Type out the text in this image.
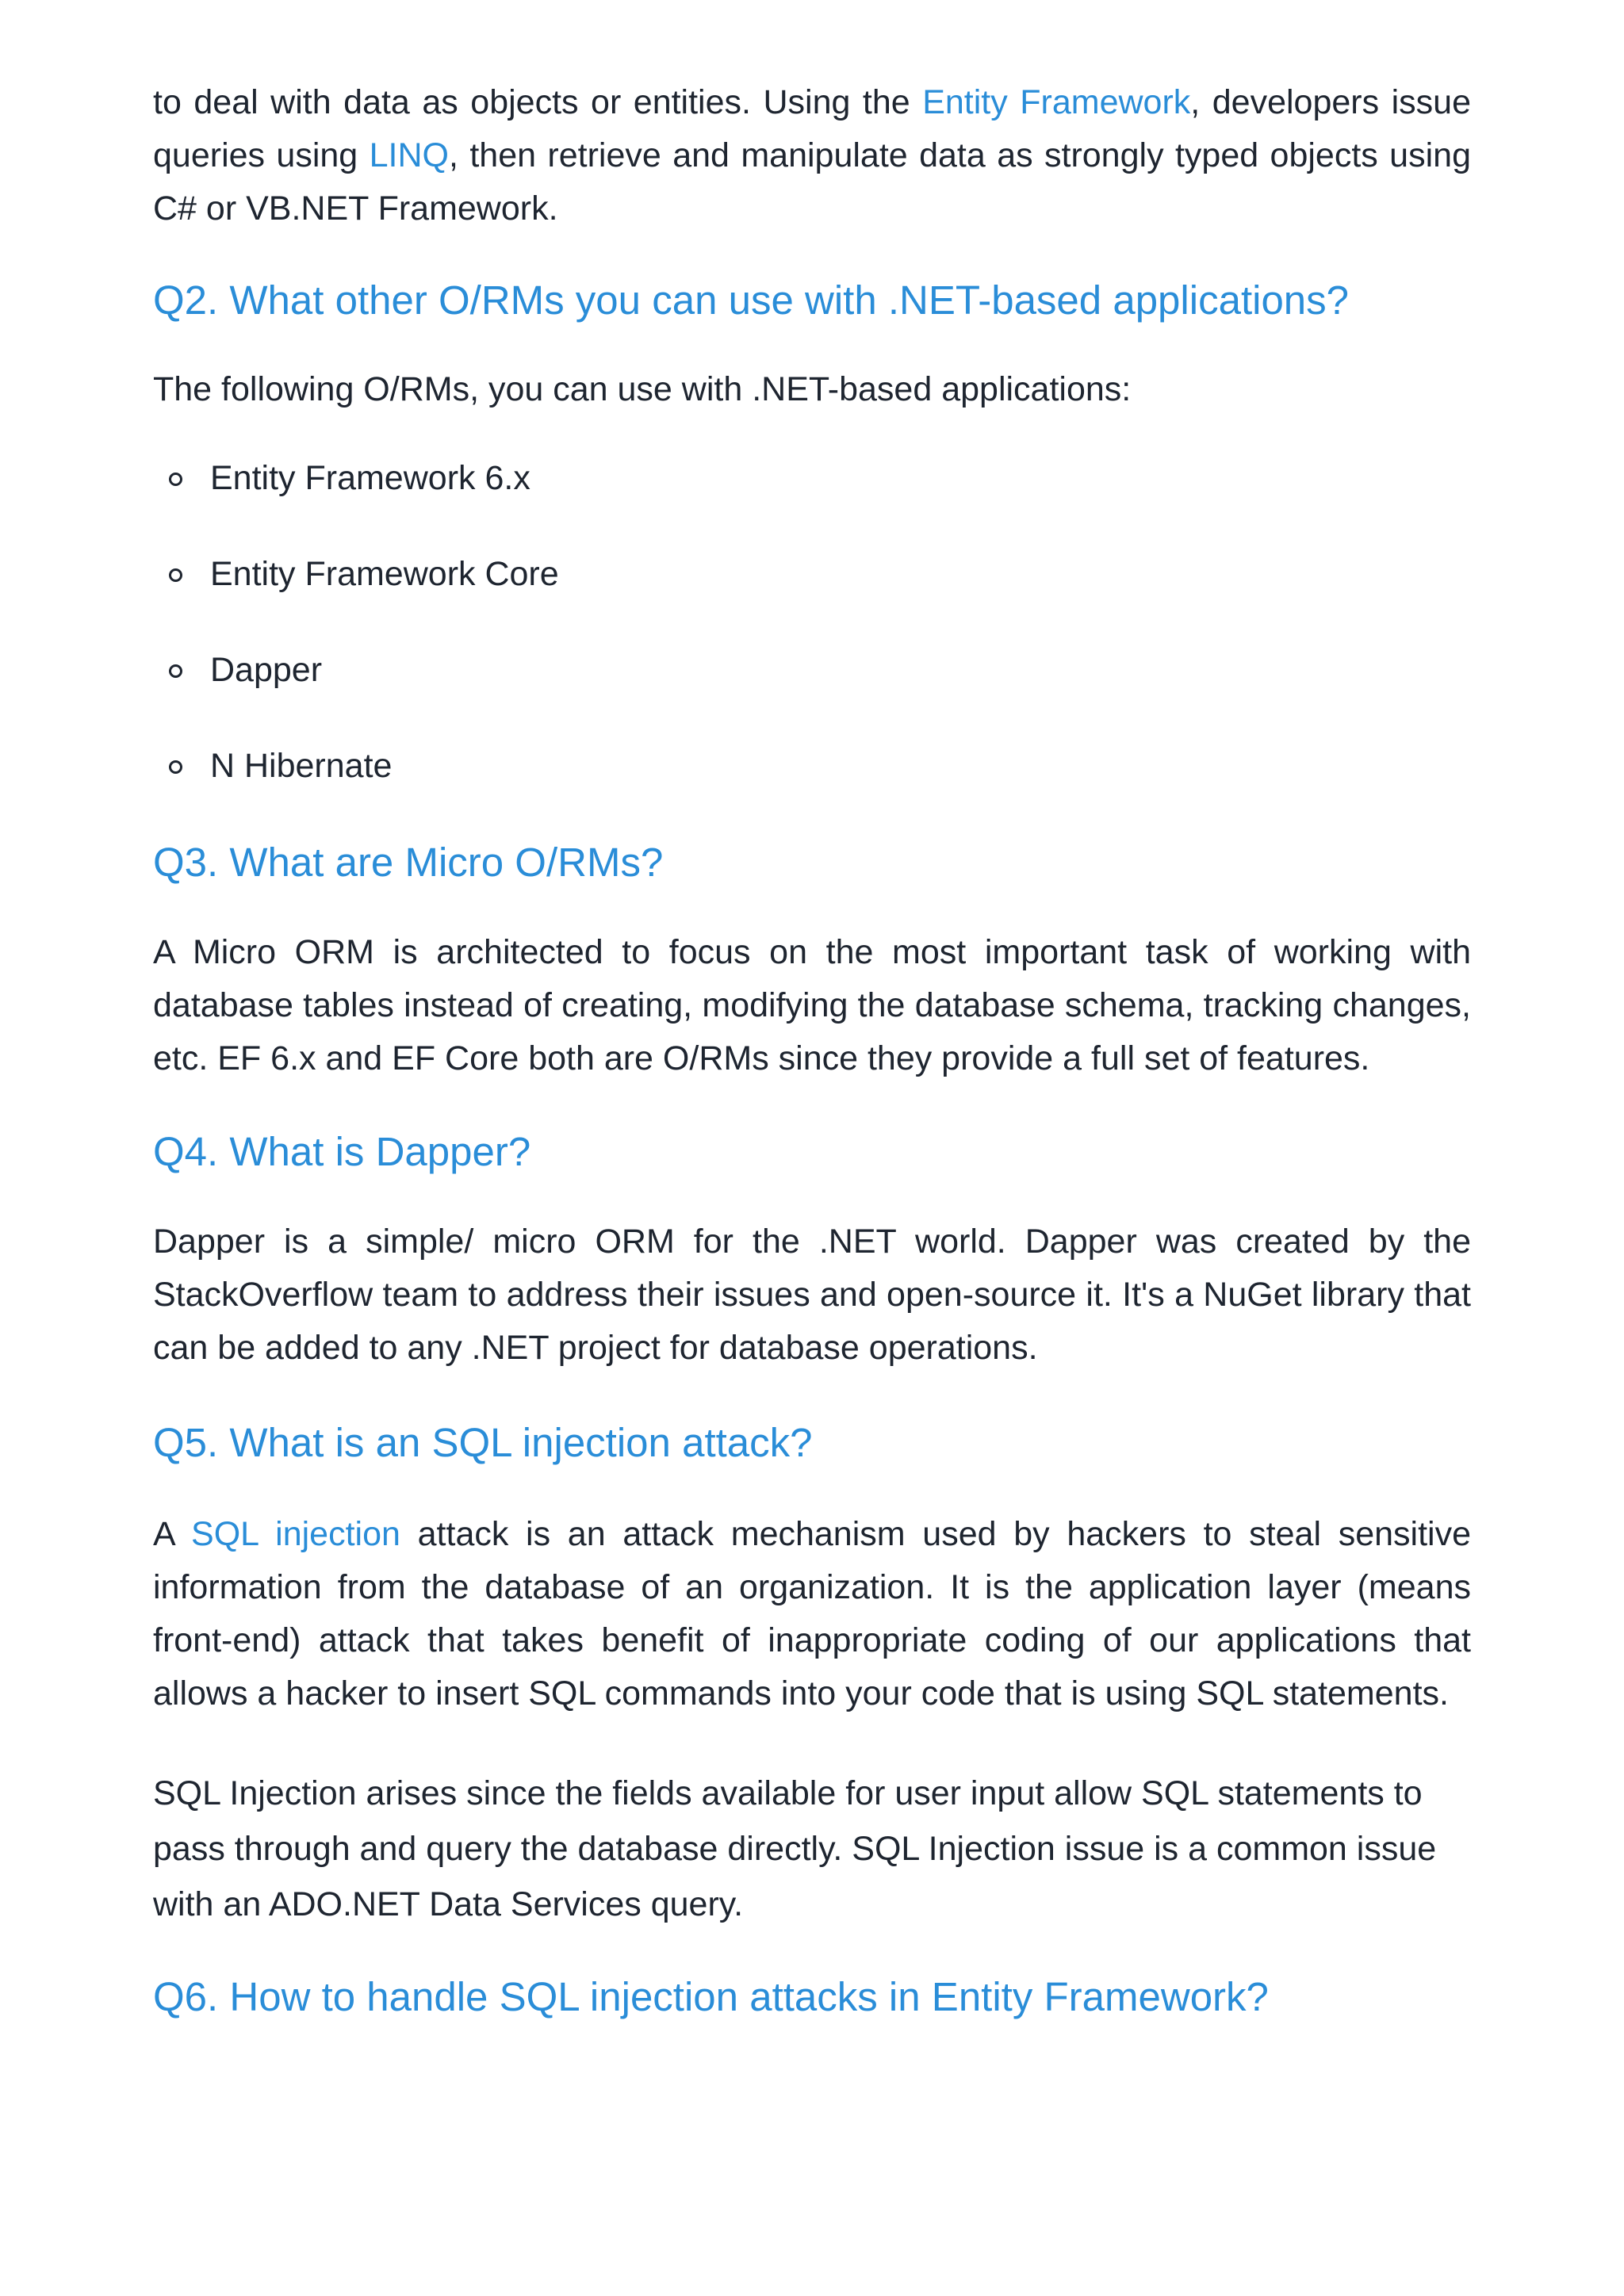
to deal with data as objects or entities. Using the Entity Framework, developers issue queries using LINQ, then retrieve and manipulate data as strongly typed objects using C# or VB.NET Framework.

Q2. What other O/RMs you can use with .NET-based applications?

The following O/RMs, you can use with .NET-based applications:

Entity Framework 6.x
Entity Framework Core
Dapper
N Hibernate
Q3. What are Micro O/RMs?

A Micro ORM is architected to focus on the most important task of working with database tables instead of creating, modifying the database schema, tracking changes, etc. EF 6.x and EF Core both are O/RMs since they provide a full set of features.

Q4. What is Dapper?

Dapper is a simple/ micro ORM for the .NET world. Dapper was created by the StackOverflow team to address their issues and open-source it. It's a NuGet library that can be added to any .NET project for database operations.

Q5. What is an SQL injection attack?

A SQL injection attack is an attack mechanism used by hackers to steal sensitive information from the database of an organization. It is the application layer (means front-end) attack that takes benefit of inappropriate coding of our applications that allows a hacker to insert SQL commands into your code that is using SQL statements.

SQL Injection arises since the fields available for user input allow SQL statements to pass through and query the database directly. SQL Injection issue is a common issue with an ADO.NET Data Services query.

Q6. How to handle SQL injection attacks in Entity Framework?
